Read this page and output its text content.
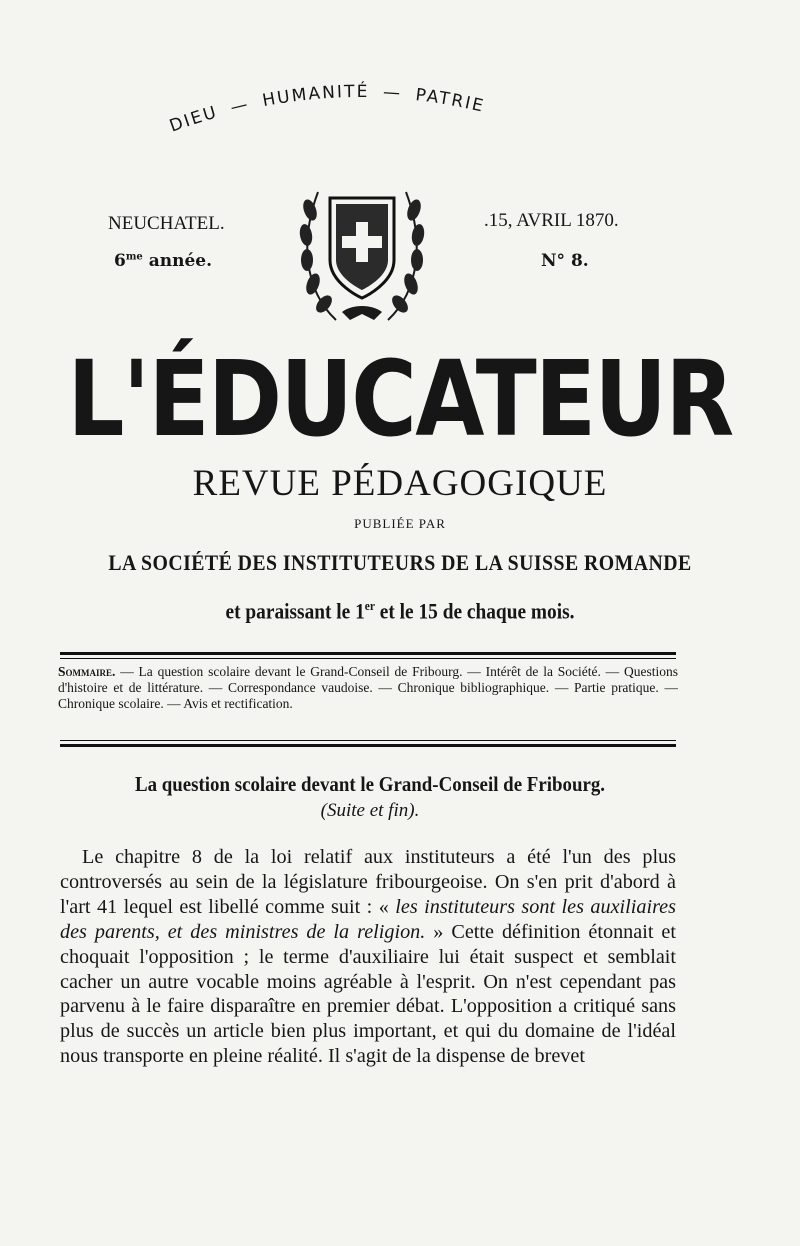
DIEU — HUMANITÉ — PATRIE
NEUCHATEL.	.15, AVRIL 1870.
$6^{me}$ année.	N° 8.
L'ÉDUCATEUR
REVUE PÉDAGOGIQUE
PUBLIÉE PAR
LA SOCIÉTÉ DES INSTITUTEURS DE LA SUISSE ROMANDE
et paraissant le 1er et le 15 de chaque mois.
Sommaire. — La question scolaire devant le Grand-Conseil de Fribourg. — Intérêt de la Société. — Questions d'histoire et de littérature. — Correspondance vaudoise. — Chronique bibliographique. — Partie pratique. — Chronique scolaire. — Avis et rectification.
La question scolaire devant le Grand-Conseil de Fribourg.
(Suite et fin).

Le chapitre 8 de la loi relatif aux instituteurs a été l'un des plus controversés au sein de la législature fribourgeoise. On s'en prit d'abord à l'art 41 lequel est libellé comme suit : « les instituteurs sont les auxiliaires des parents, et des ministres de la religion. » Cette définition étonnait et choquait l'opposition ; le terme d'auxiliaire lui était suspect et semblait cacher un autre vocable moins agréable à l'esprit. On n'est cependant pas parvenu à le faire disparaître en premier débat. L'opposition a critiqué sans plus de succès un article bien plus important, et qui du domaine de l'idéal nous transporte en pleine réalité. Il s'agit de la dispense de brevet
